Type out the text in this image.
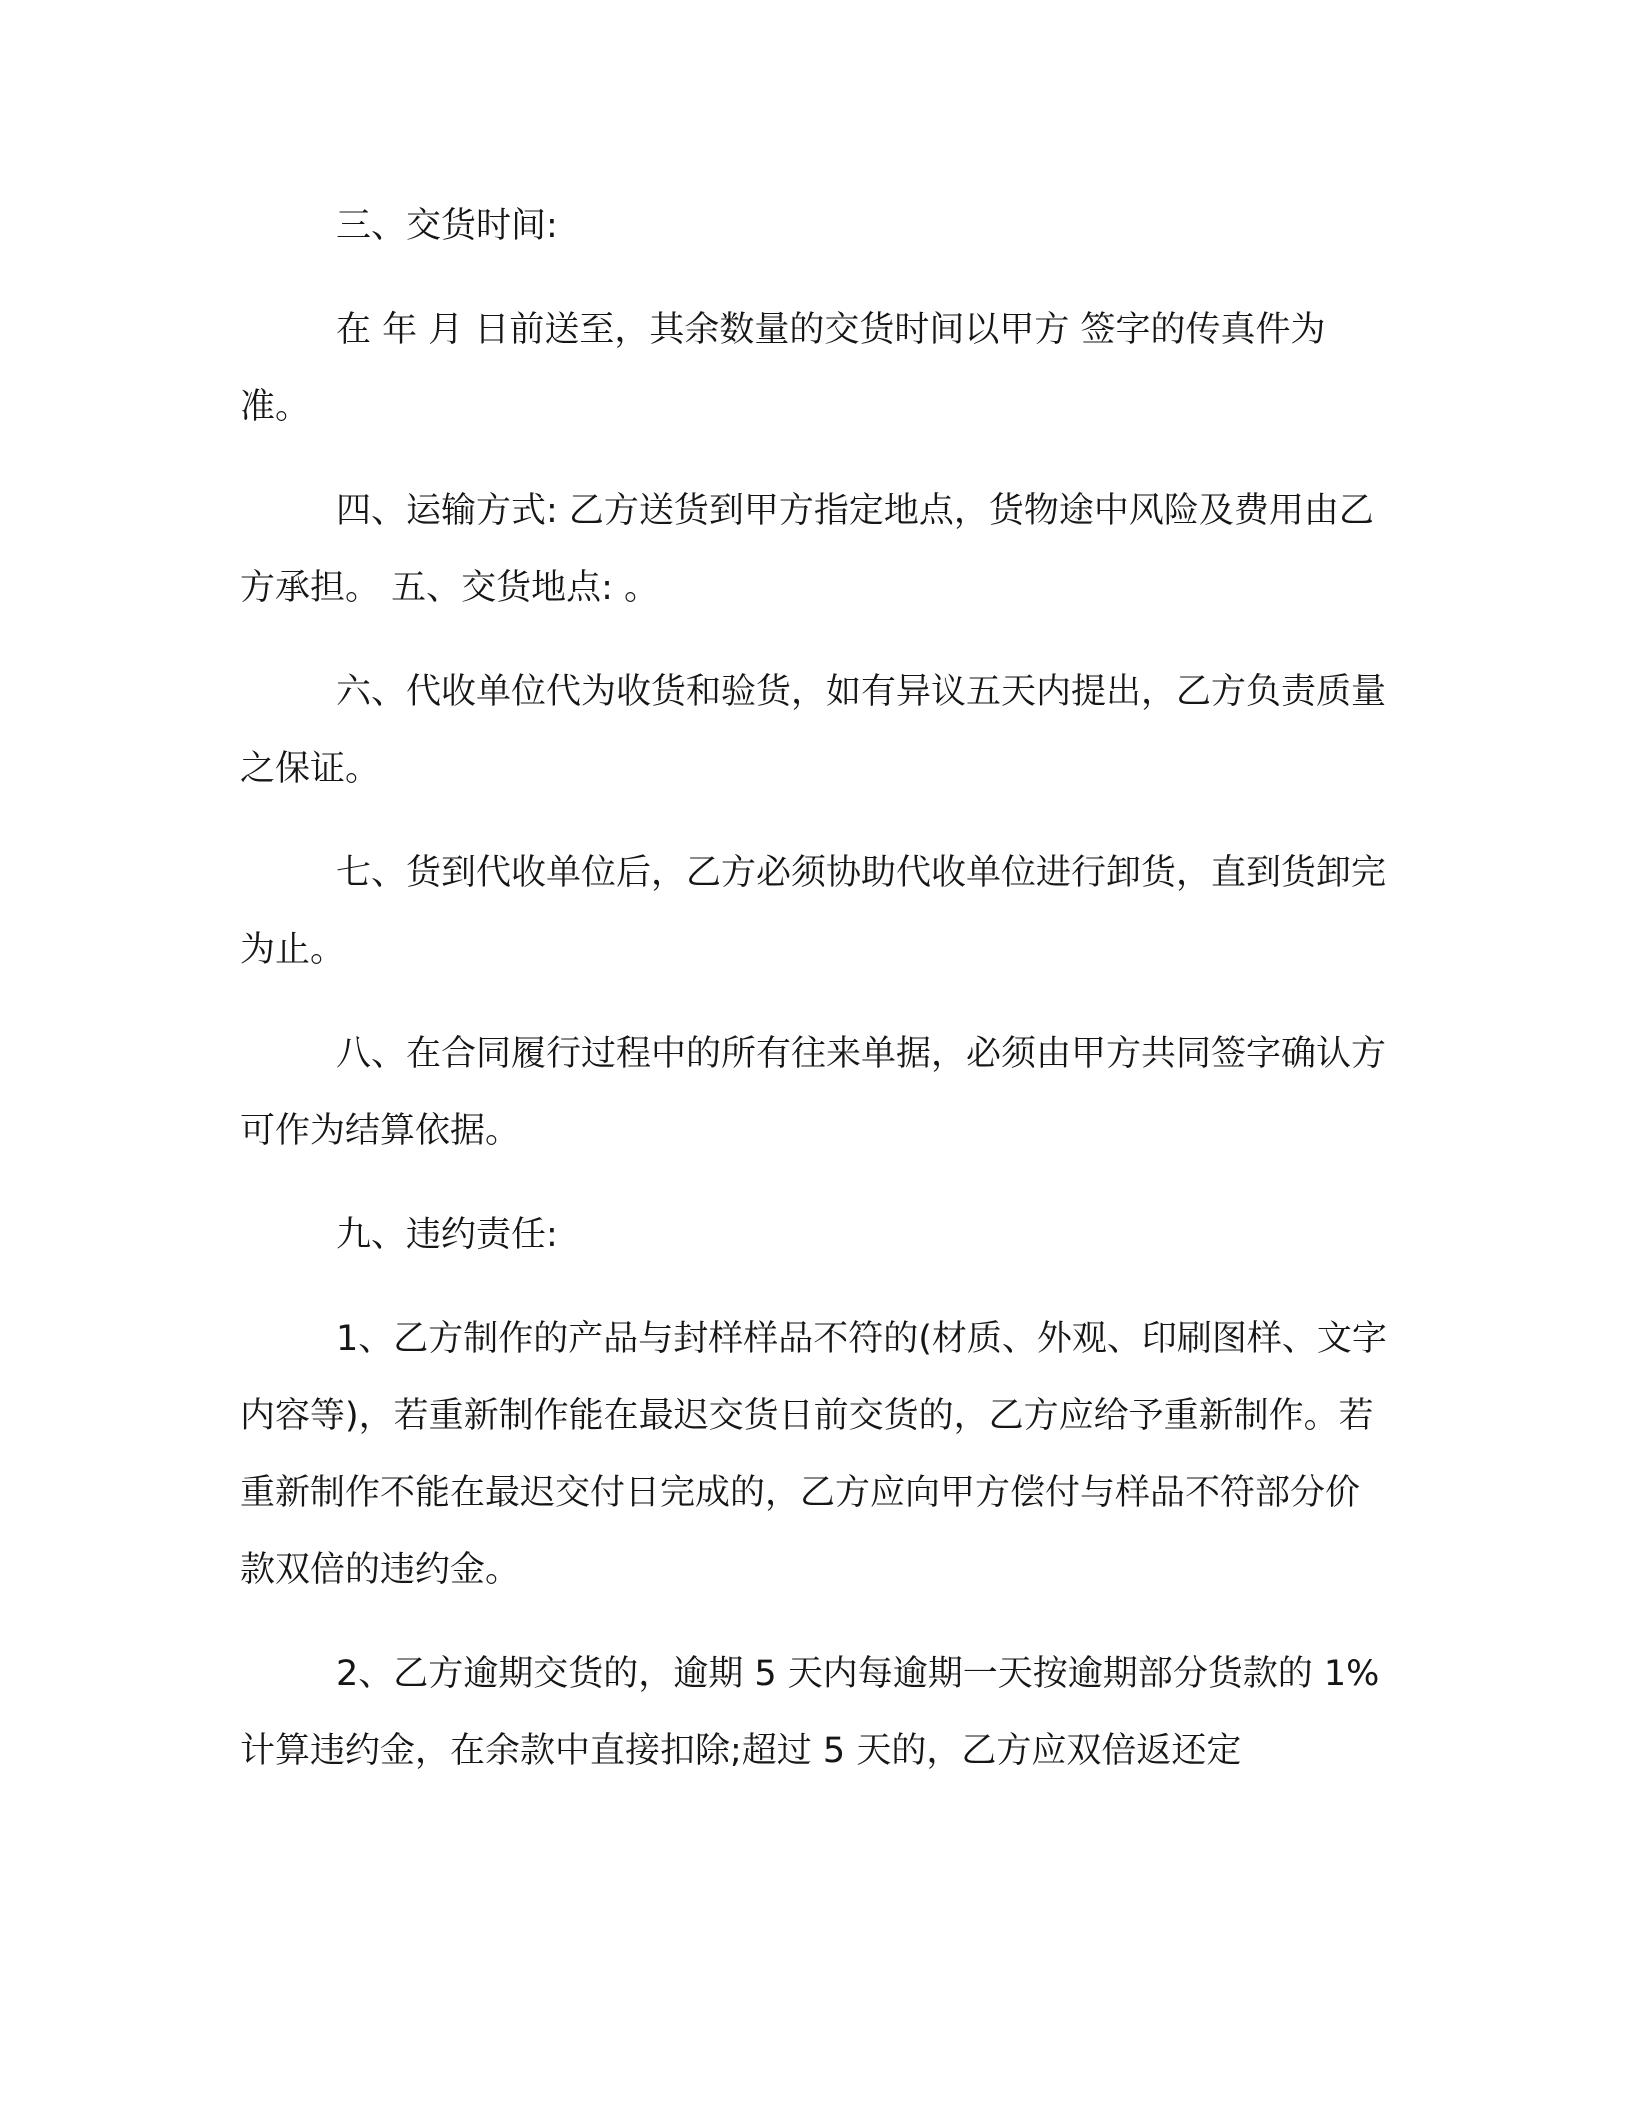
三、交货时间:

在 年 月 日前送至，其余数量的交货时间以甲方 签字的传真件为准。

四、运输方式: 乙方送货到甲方指定地点，货物途中风险及费用由乙方承担。 五、交货地点: 。

六、代收单位代为收货和验货，如有异议五天内提出，乙方负责质量之保证。

七、货到代收单位后，乙方必须协助代收单位进行卸货，直到货卸完为止。

八、在合同履行过程中的所有往来单据，必须由甲方共同签字确认方可作为结算依据。

九、违约责任:

1、乙方制作的产品与封样样品不符的(材质、外观、印刷图样、文字内容等)，若重新制作能在最迟交货日前交货的，乙方应给予重新制作。若重新制作不能在最迟交付日完成的，乙方应向甲方偿付与样品不符部分价款双倍的违约金。

2、乙方逾期交货的，逾期 5 天内每逾期一天按逾期部分货款的 1%计算违约金，在余款中直接扣除;超过 5 天的，乙方应双倍返还定
